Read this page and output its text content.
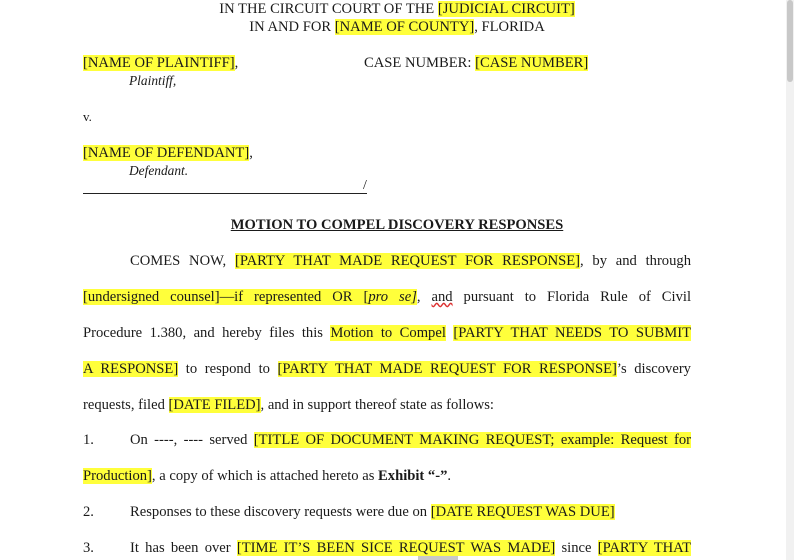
IN THE CIRCUIT COURT OF THE [JUDICIAL CIRCUIT]
IN AND FOR [NAME OF COUNTY], FLORIDA
[NAME OF PLAINTIFF],
Plaintiff,
CASE NUMBER: [CASE NUMBER]
v.
[NAME OF DEFENDANT],
Defendant.
/
MOTION TO COMPEL DISCOVERY RESPONSES
COMES NOW, [PARTY THAT MADE REQUEST FOR RESPONSE], by and through
[undersigned counsel]—if represented OR [pro se], and pursuant to Florida Rule of Civil
Procedure 1.380, and hereby files this Motion to Compel [PARTY THAT NEEDS TO SUBMIT
A RESPONSE] to respond to [PARTY THAT MADE REQUEST FOR RESPONSE]’s discovery
requests, filed [DATE FILED], and in support thereof state as follows:
1. On ----, ---- served [TITLE OF DOCUMENT MAKING REQUEST; example: Request for
Production], a copy of which is attached hereto as Exhibit “-”.
2. Responses to these discovery requests were due on [DATE REQUEST WAS DUE]
3. It has been over [TIME IT’S BEEN SICE REQUEST WAS MADE] since [PARTY THAT
